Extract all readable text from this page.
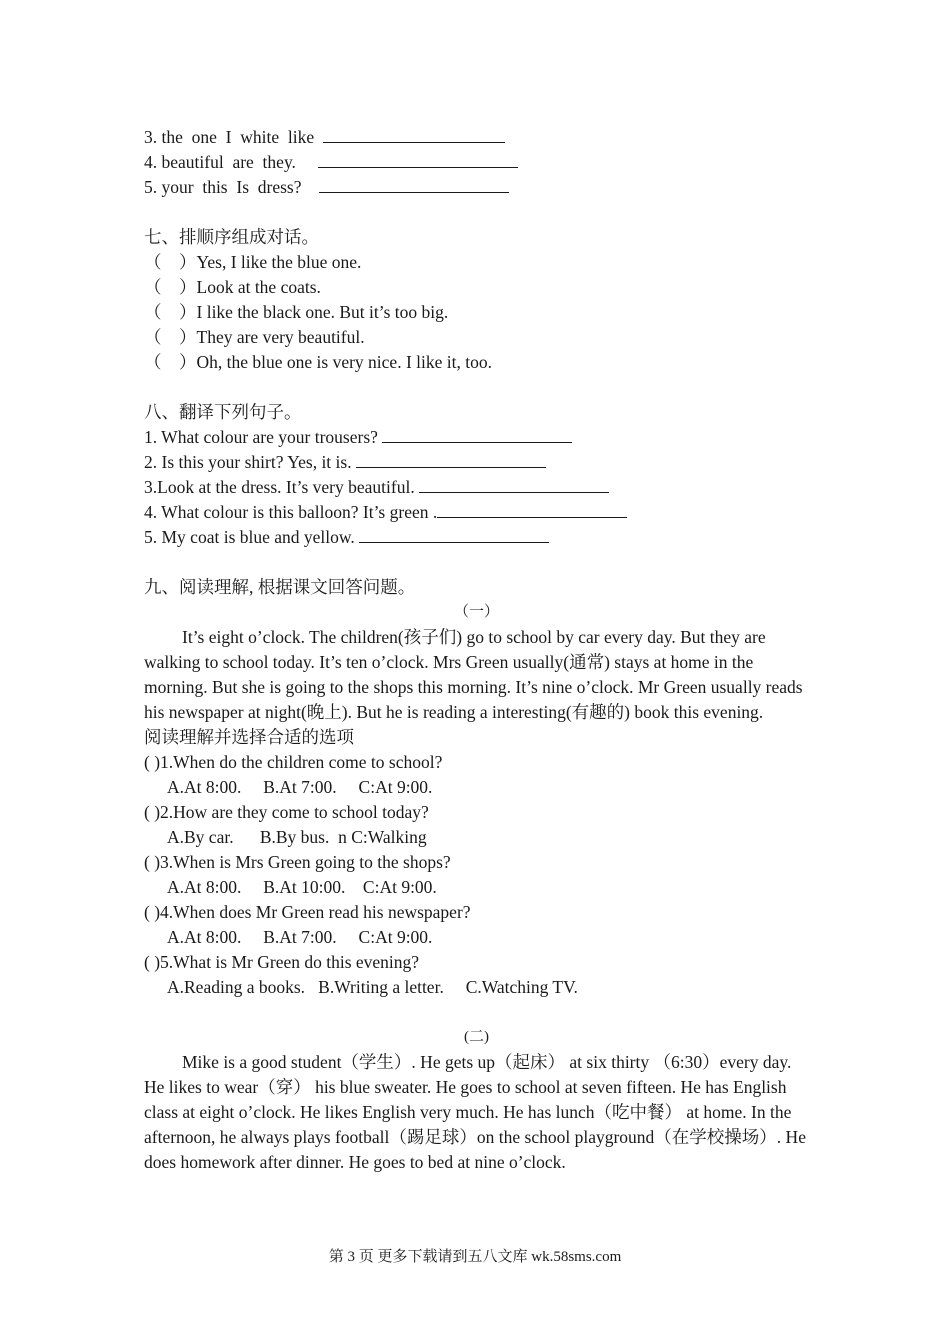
3. the  one  I  white  like
4. beautiful  are  they.
5. your  this  Is  dress?
七、排顺序组成对话。
（    ）Yes, I like the blue one.
（    ）Look at the coats.
（    ）I like the black one. But it’s too big.
（    ）They are very beautiful.
（    ）Oh, the blue one is very nice. I like it, too.
八、翻译下列句子。
1. What colour are your trousers?
2. Is this your shirt? Yes, it is.
3.Look at the dress. It’s very beautiful.
4. What colour is this balloon? It’s green .
5. My coat is blue and yellow.
九、阅读理解, 根据课文回答问题。
（一）
It’s eight o’clock. The children(孩子们) go to school by car every day. But they are walking to school today. It’s ten o’clock. Mrs Green usually(通常) stays at home in the morning. But she is going to the shops this morning. It’s nine o’clock. Mr Green usually reads his newspaper at night(晚上). But he is reading a interesting(有趣的) book this evening.
阅读理解并选择合适的选项
( )1.When do the children come to school?
A.At 8:00.     B.At 7:00.     C:At 9:00.
( )2.How are they come to school today?
A.By car.      B.By bus.  n C:Walking
( )3.When is Mrs Green going to the shops?
A.At 8:00.     B.At 10:00.    C:At 9:00.
( )4.When does Mr Green read his newspaper?
A.At 8:00.     B.At 7:00.     C:At 9:00.
( )5.What is Mr Green do this evening?
A.Reading a books.   B.Writing a letter.     C.Watching TV.
(二)
Mike is a good student（学生）. He gets up（起床） at six thirty （6:30）every day. He likes to wear（穿） his blue sweater. He goes to school at seven fifteen. He has English class at eight o’clock. He likes English very much. He has lunch（吃中餐） at home. In the afternoon, he always plays football（踢足球）on the school playground（在学校操场）. He does homework after dinner. He goes to bed at nine o’clock.
第 3 页 更多下载请到五八文库 wk.58sms.com
